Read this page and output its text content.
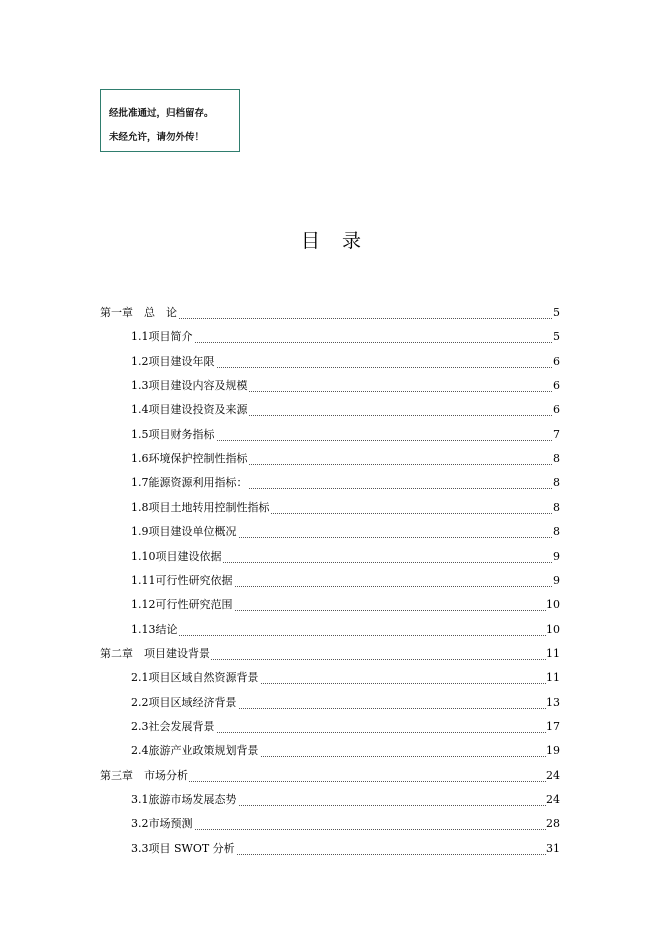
经批准通过，归档留存。
未经允许，请勿外传！
目录
第一章　总　论	5
1.1项目简介	5
1.2项目建设年限	6
1.3项目建设内容及规模	6
1.4项目建设投资及来源	6
1.5项目财务指标	7
1.6环境保护控制性指标	8
1.7能源资源利用指标：	8
1.8项目土地转用控制性指标	8
1.9项目建设单位概况	8
1.10项目建设依据	9
1.11可行性研究依据	9
1.12可行性研究范围	10
1.13结论	10
第二章　项目建设背景	11
2.1项目区域自然资源背景	11
2.2项目区域经济背景	13
2.3社会发展背景	17
2.4旅游产业政策规划背景	19
第三章　市场分析	24
3.1旅游市场发展态势	24
3.2市场预测	28
3.3项目 SWOT 分析	31
